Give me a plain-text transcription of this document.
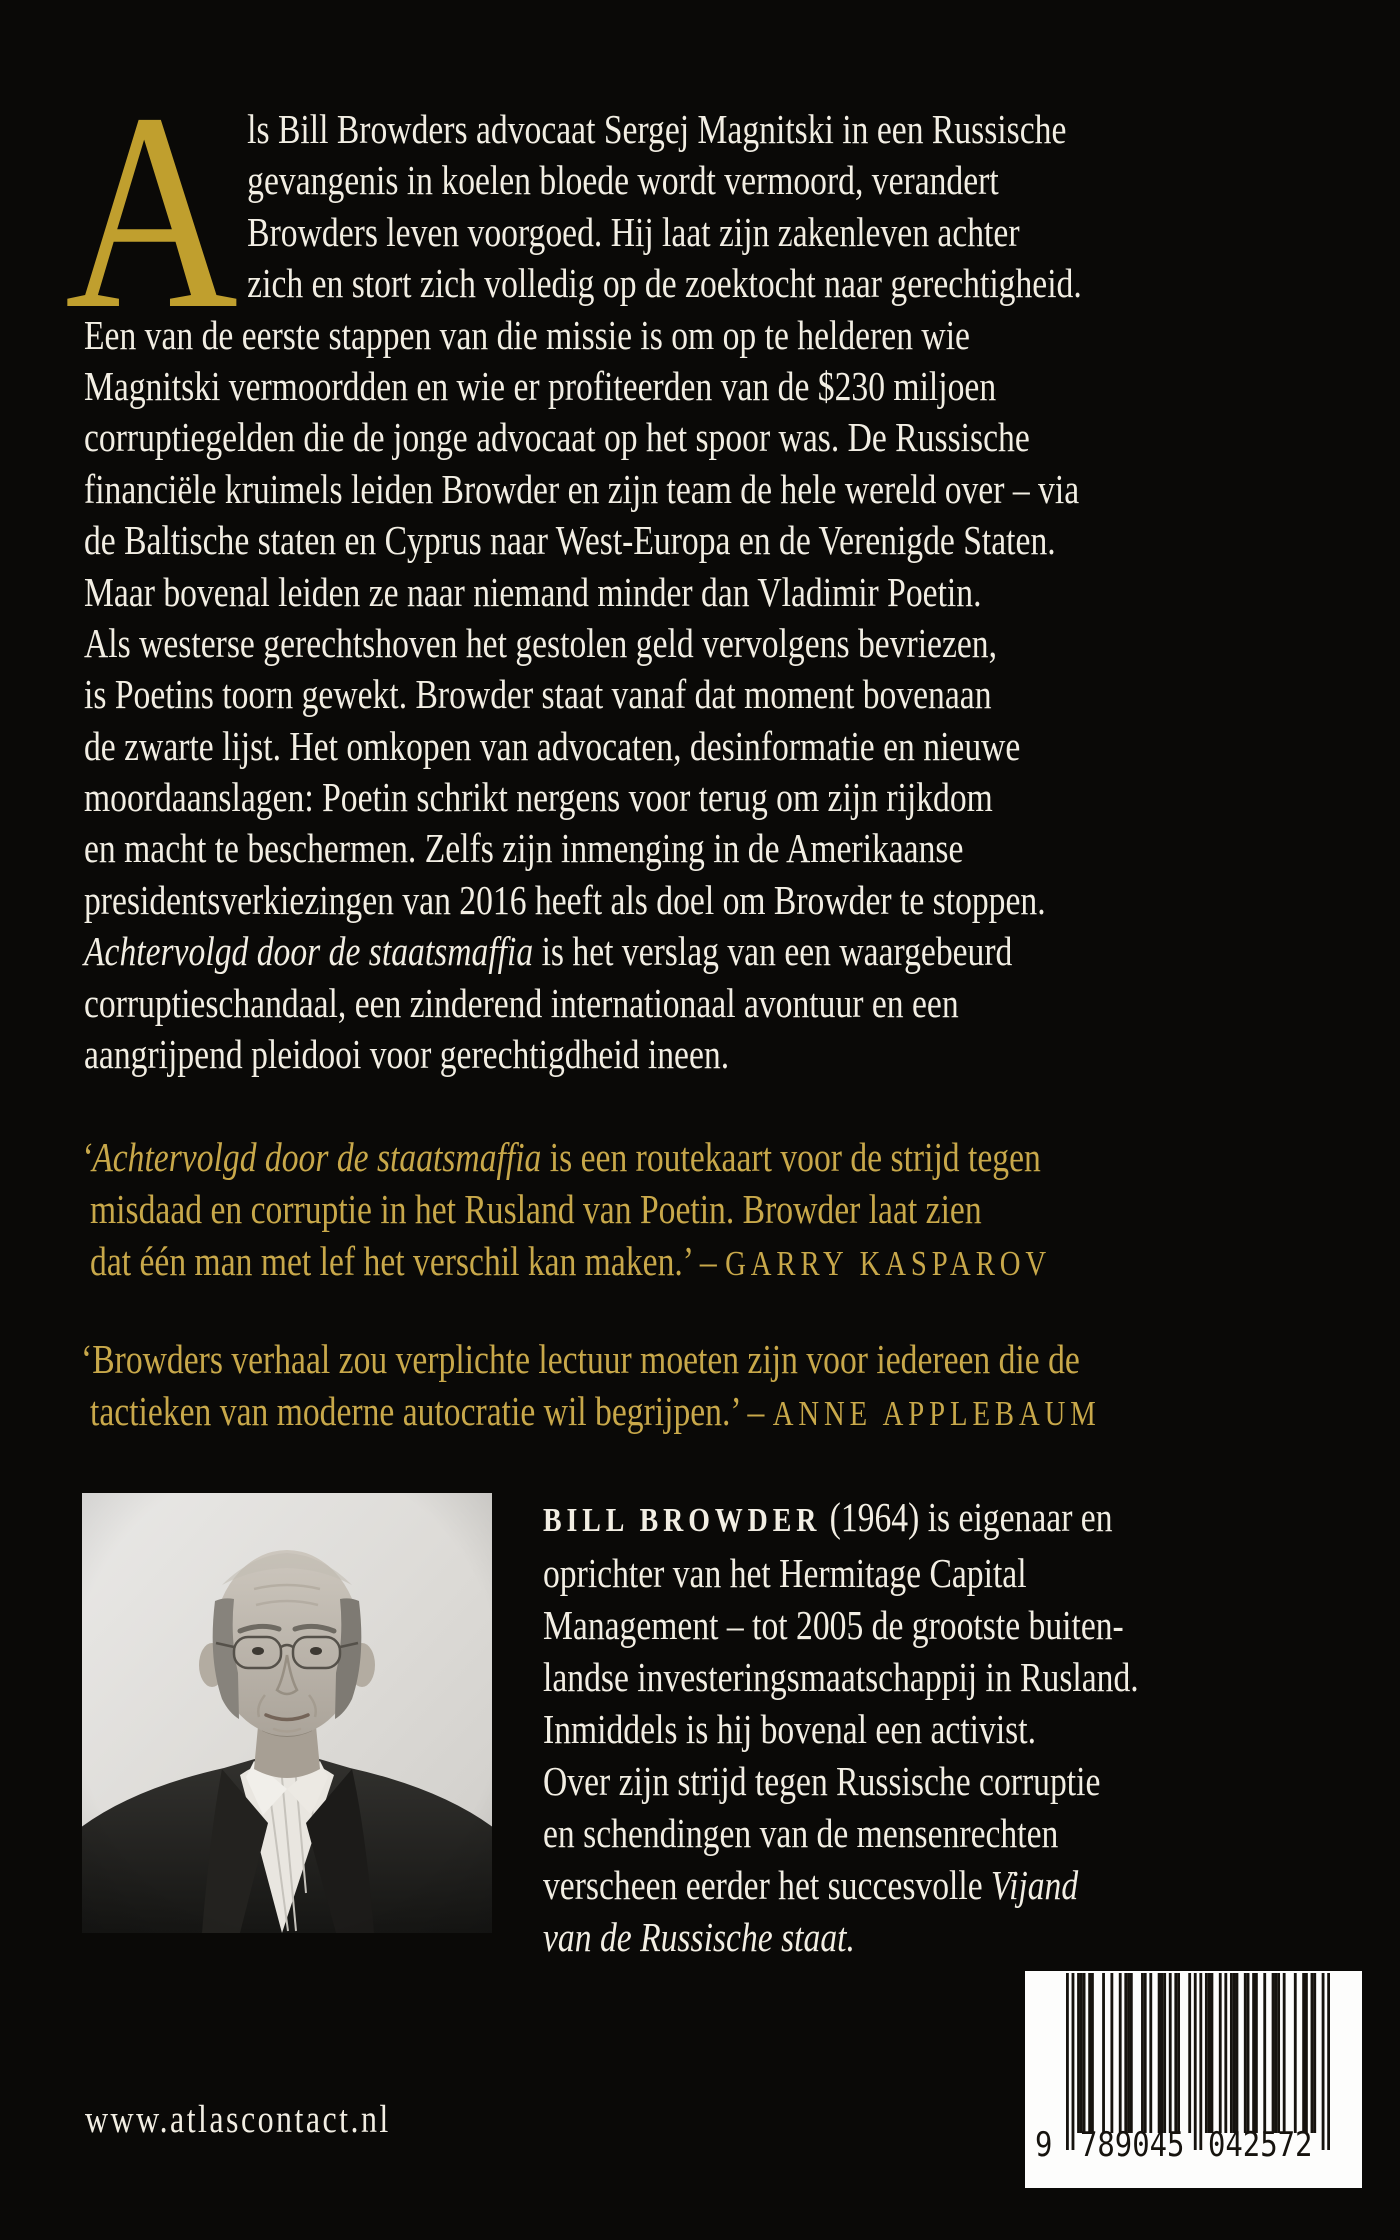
A ls Bill Browders advocaat Sergej Magnitski in een Russische
gevangenis in koelen bloede wordt vermoord, verandert
Browders leven voorgoed. Hij laat zijn zakenleven achter
zich en stort zich volledig op de zoektocht naar gerechtigheid.
Een van de eerste stappen van die missie is om op te helderen wie
Magnitski vermoordden en wie er profiteerden van de $230 miljoen
corruptiegelden die de jonge advocaat op het spoor was. De Russische
financiële kruimels leiden Browder en zijn team de hele wereld over – via
de Baltische staten en Cyprus naar West-Europa en de Verenigde Staten.
Maar bovenal leiden ze naar niemand minder dan Vladimir Poetin.
Als westerse gerechtshoven het gestolen geld vervolgens bevriezen,
is Poetins toorn gewekt. Browder staat vanaf dat moment bovenaan
de zwarte lijst. Het omkopen van advocaten, desinformatie en nieuwe
moordaanslagen: Poetin schrikt nergens voor terug om zijn rijkdom
en macht te beschermen. Zelfs zijn inmenging in de Amerikaanse
presidentsverkiezingen van 2016 heeft als doel om Browder te stoppen.
Achtervolgd door de staatsmaffia is het verslag van een waargebeurd
corruptieschandaal, een zinderend internationaal avontuur en een
aangrijpend pleidooi voor gerechtigdheid ineen.
‘Achtervolgd door de staatsmaffia is een routekaart voor de strijd tegen
misdaad en corruptie in het Rusland van Poetin. Browder laat zien
dat één man met lef het verschil kan maken.’ – GARRY KASPAROV
‘Browders verhaal zou verplichte lectuur moeten zijn voor iedereen die de
tactieken van moderne autocratie wil begrijpen.’ – ANNE APPLEBAUM
BILL BROWDER (1964) is eigenaar en
oprichter van het Hermitage Capital
Management – tot 2005 de grootste buiten-
landse investeringsmaatschappij in Rusland.
Inmiddels is hij bovenal een activist.
Over zijn strijd tegen Russische corruptie
en schendingen van de mensenrechten
verscheen eerder het succesvolle Vijand
van de Russische staat.
www.atlascontact.nl
9 789045 042572
